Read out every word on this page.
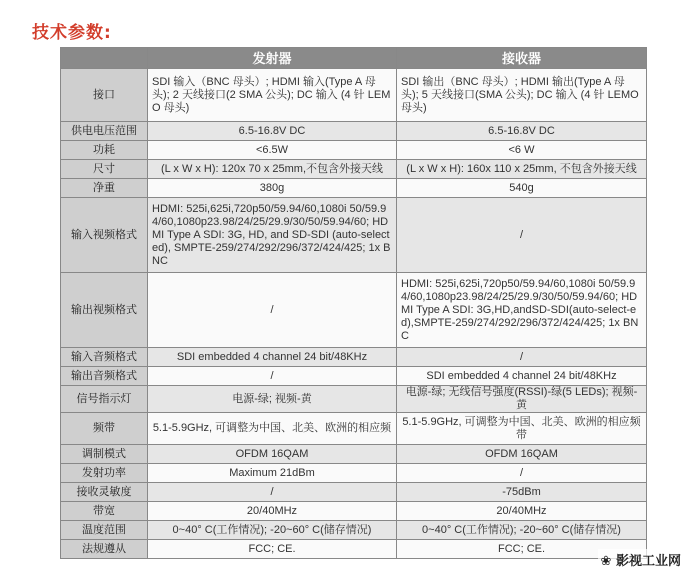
技术参数:
	发射器	接收器
接口	SDI 输入（BNC 母头）; HDMI 输入(Type A 母头); 2 天线接口(2 SMA 公头); DC 输入 (4 针 LEMO 母头)	SDI 输出（BNC 母头）; HDMI 输出(Type A 母头); 5 天线接口(SMA 公头); DC 输入 (4 针 LEMO 母头)
供电电压范围	6.5-16.8V DC	6.5-16.8V DC
功耗	<6.5W	<6 W
尺寸	(L x W x H): 120x 70 x 25mm,不包含外接天线	(L x W x H): 160x 110 x 25mm, 不包含外接天线
净重	380g	540g
输入视频格式	HDMI: 525i,625i,720p50/59.94/60,1080i 50/59.94/60,1080p23.98/24/25/29.9/30/50/59.94/60; HDMI Type A SDI: 3G, HD, and SD-SDI (auto-selected), SMPTE-259/274/292/296/372/424/425; 1x BNC	/
输出视频格式	/	HDMI: 525i,625i,720p50/59.94/60,1080i 50/59.94/60,1080p23.98/24/25/29.9/30/50/59.94/60; HDMI Type A SDI: 3G,HD,andSD-SDI(auto-select-ed),SMPTE-259/274/292/296/372/424/425; 1x BNC
输入音频格式	SDI embedded 4 channel 24 bit/48KHz	/
输出音频格式	/	SDI embedded 4 channel 24 bit/48KHz
信号指示灯	电源-绿; 视频-黄	电源-绿; 无线信号强度(RSSI)-绿(5 LEDs); 视频-黄
频带	5.1-5.9GHz, 可调整为中国、北美、欧洲的相应频	5.1-5.9GHz, 可调整为中国、北美、欧洲的相应频带
调制模式	OFDM 16QAM	OFDM 16QAM
发射功率	Maximum 21dBm	/
接收灵敏度	/	-75dBm
带宽	20/40MHz	20/40MHz
温度范围	0~40° C(工作情况); -20~60° C(储存情况)	0~40° C(工作情况); -20~60° C(储存情况)
法规遵从	FCC; CE.	FCC; CE.
❀ 影视工业网
